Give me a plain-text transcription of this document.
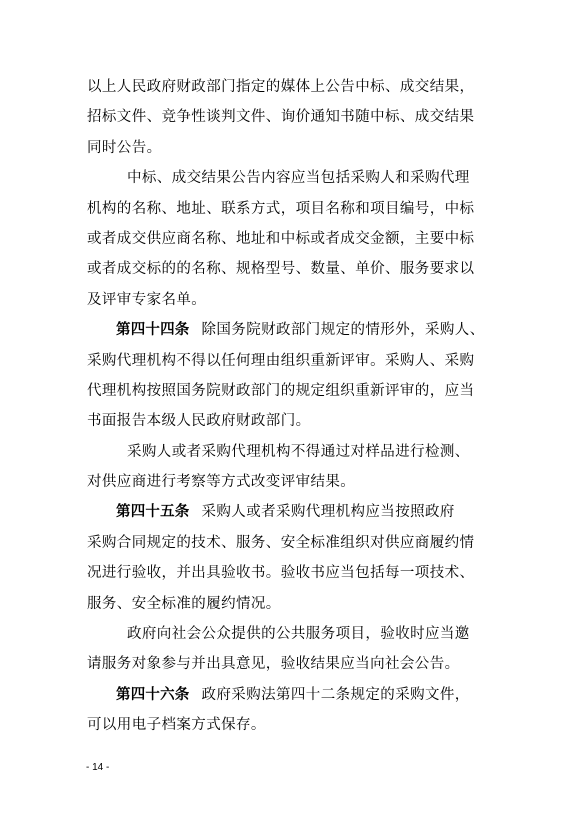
以上人民政府财政部门指定的媒体上公告中标、成交结果，
招标文件、竞争性谈判文件、询价通知书随中标、成交结果
同时公告。
中标、成交结果公告内容应当包括采购人和采购代理
机构的名称、地址、联系方式，项目名称和项目编号，中标
或者成交供应商名称、地址和中标或者成交金额，主要中标
或者成交标的的名称、规格型号、数量、单价、服务要求以
及评审专家名单。
第四十四条 除国务院财政部门规定的情形外，采购人、
采购代理机构不得以任何理由组织重新评审。采购人、采购
代理机构按照国务院财政部门的规定组织重新评审的，应当
书面报告本级人民政府财政部门。
采购人或者采购代理机构不得通过对样品进行检测、
对供应商进行考察等方式改变评审结果。
第四十五条 采购人或者采购代理机构应当按照政府
采购合同规定的技术、服务、安全标准组织对供应商履约情
况进行验收，并出具验收书。验收书应当包括每一项技术、
服务、安全标准的履约情况。
政府向社会公众提供的公共服务项目，验收时应当邀
请服务对象参与并出具意见，验收结果应当向社会公告。
第四十六条 政府采购法第四十二条规定的采购文件，
可以用电子档案方式保存。
- 14 -
